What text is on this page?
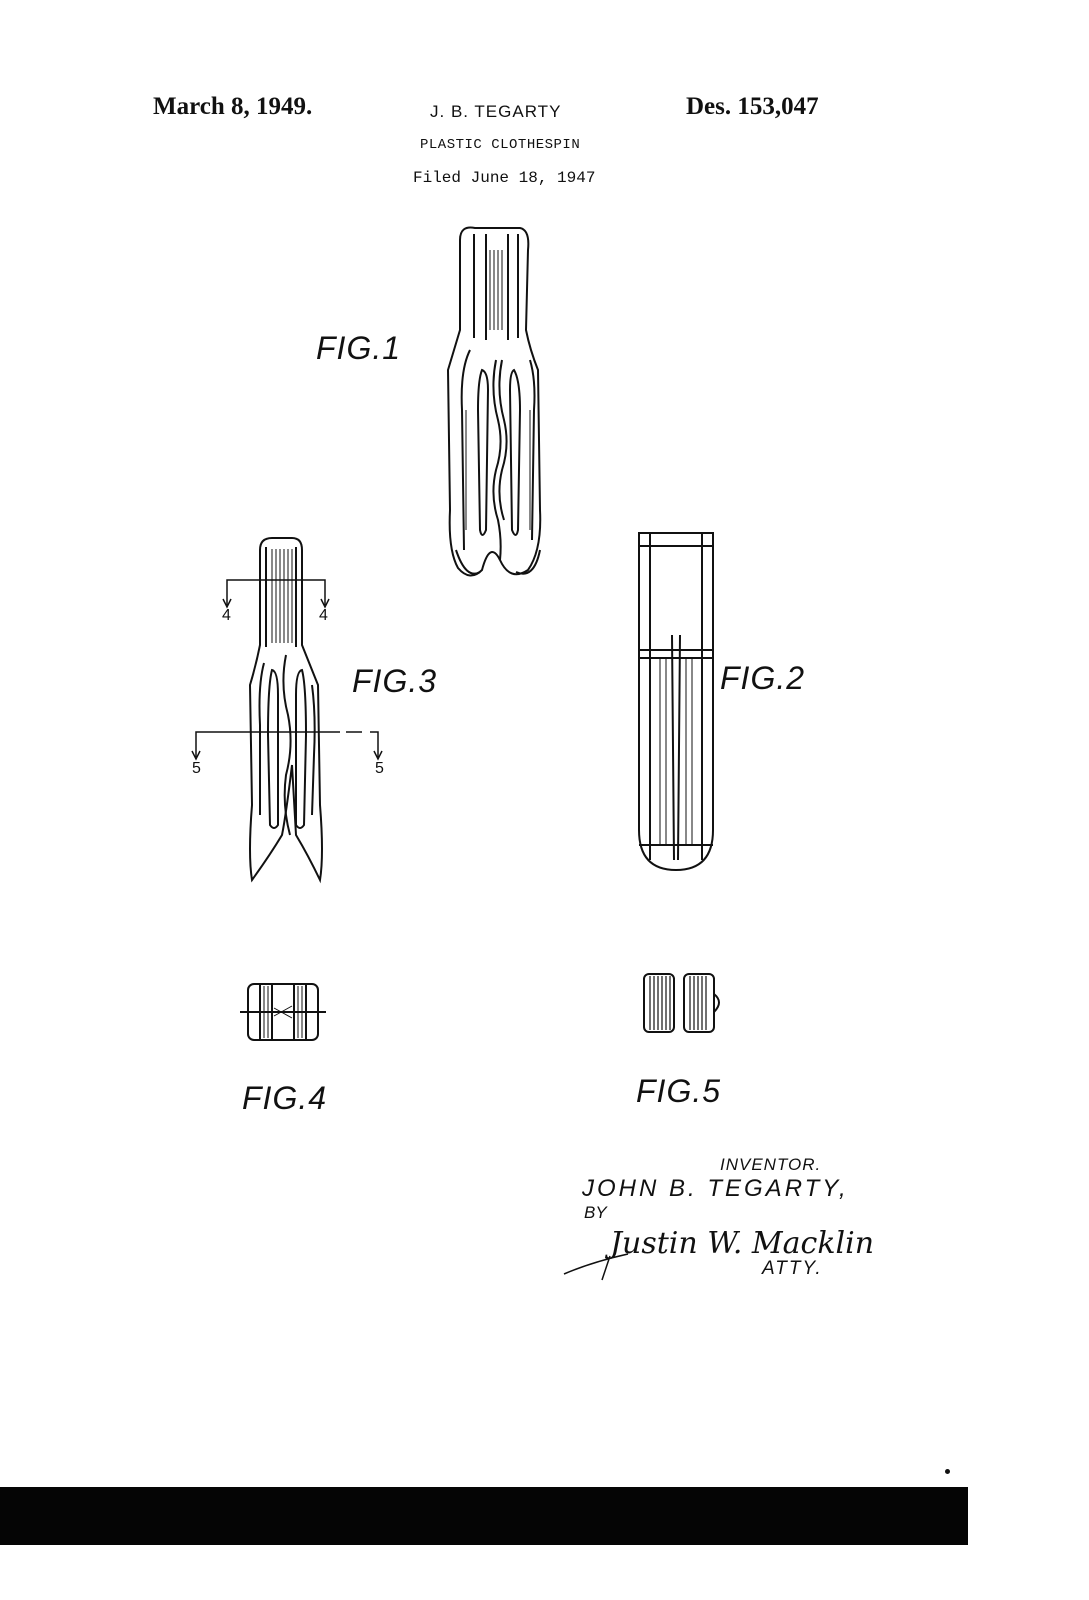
March 8, 1949.	J. B. TEGARTY
PLASTIC CLOTHESPIN
Filed June 18, 1947
Des. 153,047
FIG.1
FIG.2
FIG.3
4	4
5	5
FIG.4	FIG.5
INVENTOR.
JOHN B. TEGARTY,
BY
Justin W. Macklin
ATTY.
